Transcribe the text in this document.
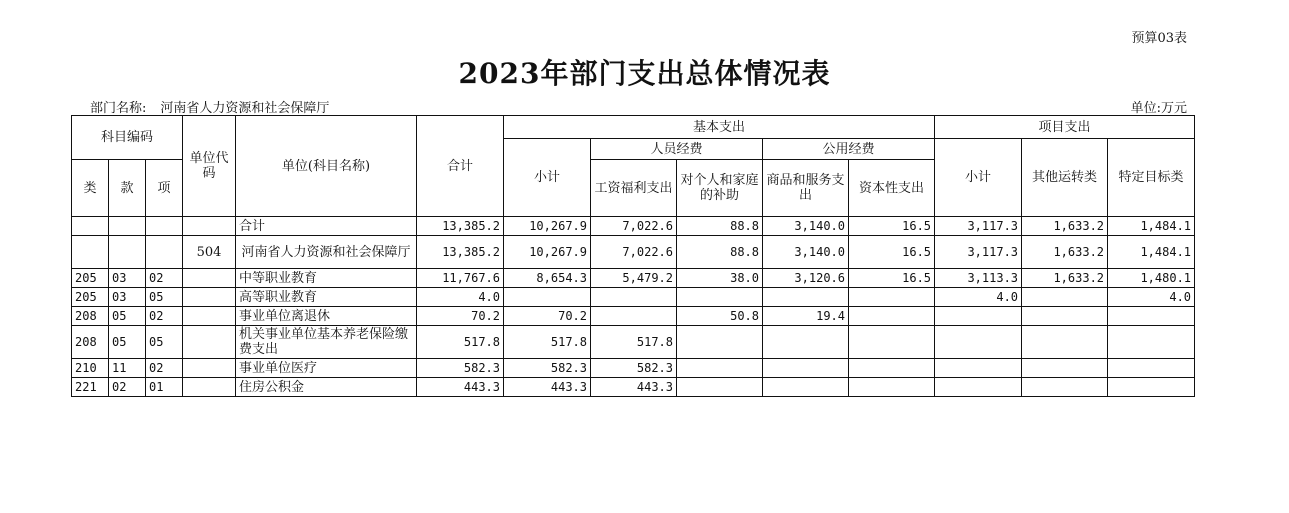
预算03表
2023年部门支出总体情况表
部门名称: 河南省人力资源和社会保障厅	单位:万元
科目编码			单位代码	单位(科目名称)	合计	基本支出					项目支出		
						小计	人员经费		公用经费		小计	其他运转类	特定目标类
类	款	项					工资福利支出	对个人和家庭的补助	商品和服务支出	资本性支出			
				合计	13,385.2	10,267.9	7,022.6	88.8	3,140.0	16.5	3,117.3	1,633.2	1,484.1
			504	河南省人力资源和社会保障厅	13,385.2	10,267.9	7,022.6	88.8	3,140.0	16.5	3,117.3	1,633.2	1,484.1
205	03	02		中等职业教育	11,767.6	8,654.3	5,479.2	38.0	3,120.6	16.5	3,113.3	1,633.2	1,480.1
205	03	05		高等职业教育	4.0						4.0		4.0
208	05	02		事业单位离退休	70.2	70.2		50.8	19.4				
208	05	05		机关事业单位基本养老保险缴费支出	517.8	517.8	517.8						
210	11	02		事业单位医疗	582.3	582.3	582.3						
221	02	01		住房公积金	443.3	443.3	443.3						
